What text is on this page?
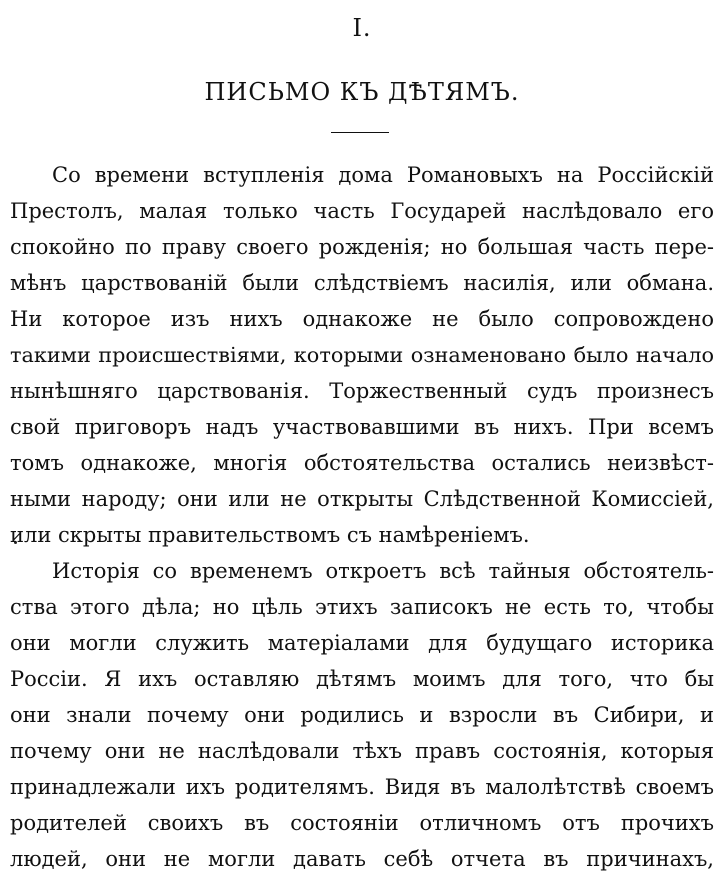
I.
ПИСЬМО КЪ ДѢТЯМЪ.
Со времени вступленія дома Романовыхъ на Россійскій
Престолъ, малая только часть Государей наслѣдовало его
спокойно по праву своего рожденія; но большая часть пере-
мѣнъ царствованій были слѣдствіемъ насилія, или обмана.
Ни которое изъ нихъ однакоже не было сопровождено
такими происшествіями, которыми ознаменовано было начало
нынѣшняго царствованія. Торжественный судъ произнесъ
свой приговоръ надъ участвовавшими въ нихъ. При всемъ
томъ однакоже, многія обстоятельства остались неизвѣст-
ными народу; они или не открыты Слѣдственной Комиссіей,
или скрыты правительствомъ съ намѣреніемъ.
Исторія со временемъ откроетъ всѣ тайныя обстоятель-
ства этого дѣла; но цѣль этихъ записокъ не есть то, чтобы
они могли служить матеріалами для будущаго историка
Россіи. Я ихъ оставляю дѣтямъ моимъ для того, что бы
они знали почему они родились и взросли въ Сибири, и
почему они не наслѣдовали тѣхъ правъ состоянія, которыя
принадлежали ихъ родителямъ. Видя въ малолѣтствѣ своемъ
родителей своихъ въ состояніи отличномъ отъ прочихъ
людей, они не могли давать себѣ отчета въ причинахъ,
